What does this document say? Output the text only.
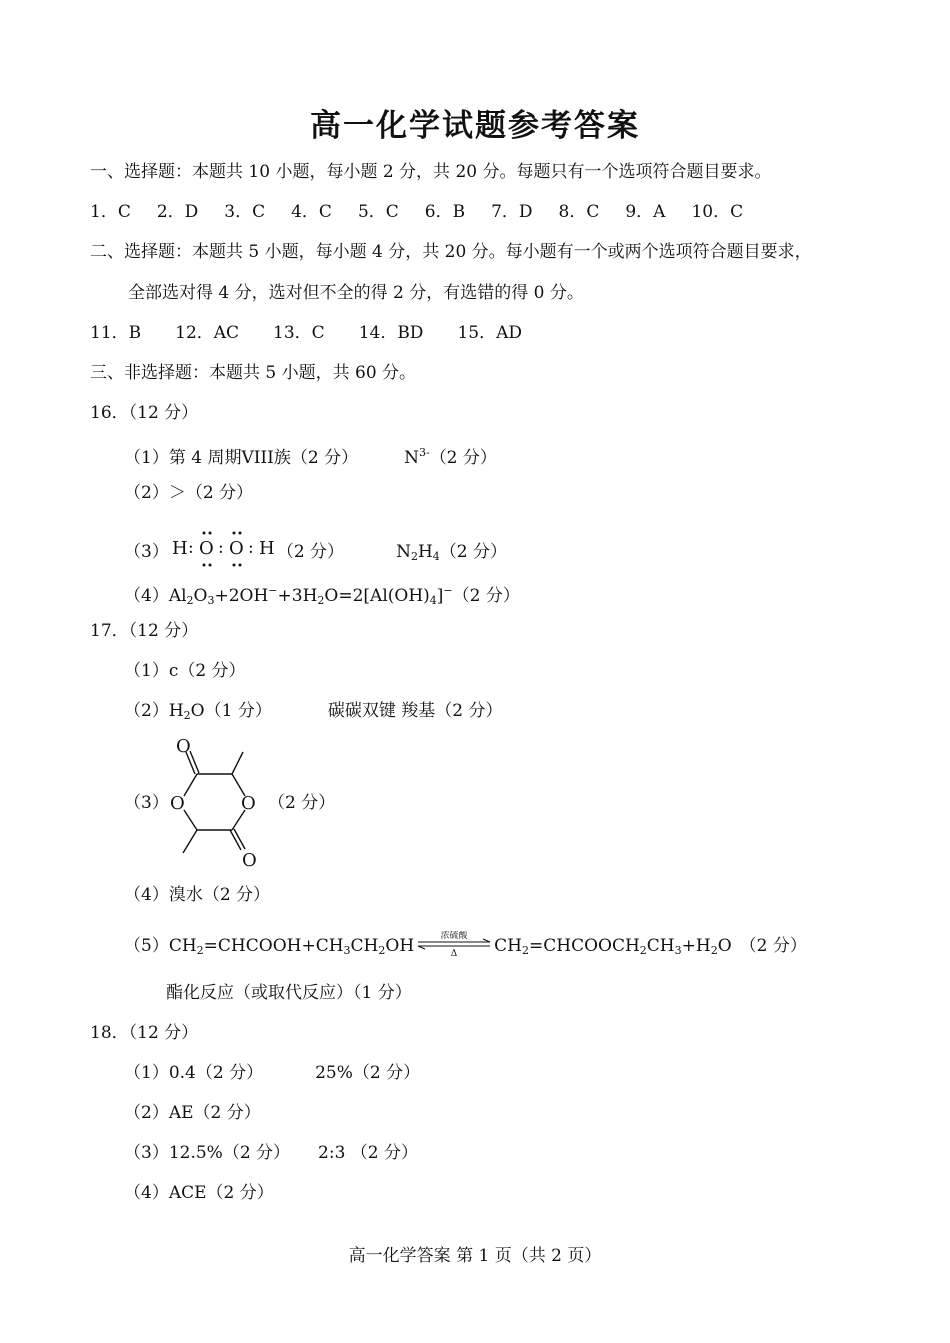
高一化学试题参考答案
一、选择题：本题共 10 小题，每小题 2 分，共 20 分。每题只有一个选项符合题目要求。
1．C 2．D 3．C 4．C 5．C 6．B 7．D 8．C 9．A 10．C
二、选择题：本题共 5 小题，每小题 4 分，共 20 分。每小题有一个或两个选项符合题目要求，
全部选对得 4 分，选对但不全的得 2 分，有选错的得 0 分。
11．B 12．AC 13．C 14．BD 15．AD
三、非选择题：本题共 5 小题，共 60 分。
16．（12 分）
（1）第 4 周期VIII族（2 分）	$N^{3-}(2$ 分）
（2）＞（2 分）
（3） H : O : O : H （2 分）	$N_2H_4(2$ 分）
$(4)Al_2O_3+2OH^-+3H_2O=2[Al(OH)_4]^-(2$ 分）
17．（12 分）
（1）c（2 分）
$(2)H_2O(1$ 分）	碳碳双键 羧基（2 分）
（3）
O
O	O
O
（2 分）
（4）溴水（2 分）
$(5)CH_2=CHCOOH+CH_3CH_2OH$	浓硫酸
Δ $CH_2=CHCOOCH_2CH_3+H_2O$ （2 分）
酯化反应（或取代反应）（1 分）
18．（12 分）
（1）0.4（2 分）	25%（2 分）
（2）AE（2 分）
（3）12.5%（2 分） 2:3 （2 分）
（4）ACE（2 分）
高一化学答案 第 1 页（共 2 页）
